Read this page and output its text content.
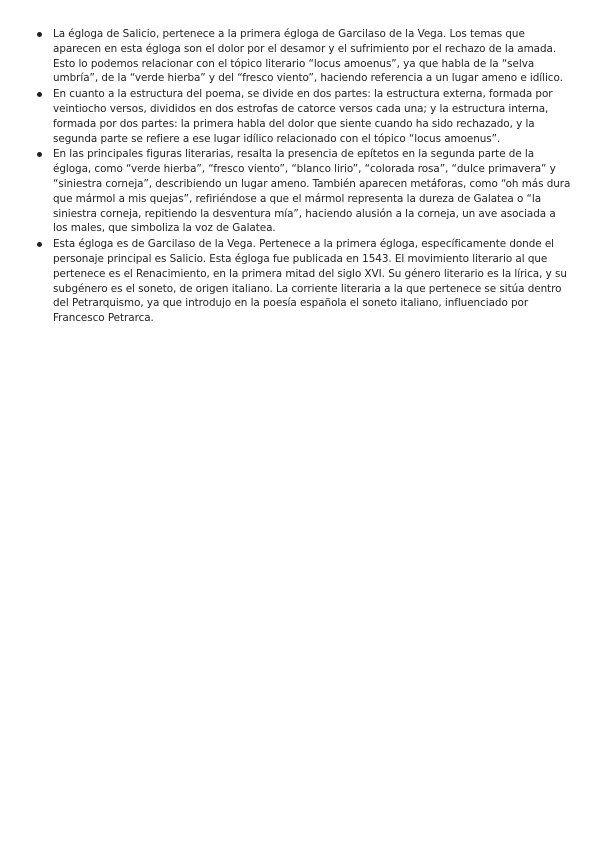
La égloga de Salicio, pertenece a la primera égloga de Garcilaso de la Vega. Los temas que aparecen en esta égloga son el dolor por el desamor y el sufrimiento por el rechazo de la amada. Esto lo podemos relacionar con el tópico literario “locus amoenus”, ya que habla de la “selva umbría”, de la “verde hierba” y del “fresco viento”, haciendo referencia a un lugar ameno e idílico.
En cuanto a la estructura del poema, se divide en dos partes: la estructura externa, formada por veintiocho versos, divididos en dos estrofas de catorce versos cada una; y la estructura interna, formada por dos partes: la primera habla del dolor que siente cuando ha sido rechazado, y la segunda parte se refiere a ese lugar idílico relacionado con el tópico “locus amoenus”.
En las principales figuras literarias, resalta la presencia de epítetos en la segunda parte de la égloga, como “verde hierba”, “fresco viento”, “blanco lirio”, “colorada rosa”, “dulce primavera” y “siniestra corneja”, describiendo un lugar ameno. También aparecen metáforas, como “oh más dura que mármol a mis quejas”, refiriéndose a que el mármol representa la dureza de Galatea o “la siniestra corneja, repitiendo la desventura mía”, haciendo alusión a la corneja, un ave asociada a los males, que simboliza la voz de Galatea.
Esta égloga es de Garcilaso de la Vega. Pertenece a la primera égloga, específicamente donde el personaje principal es Salicio. Esta égloga fue publicada en 1543. El movimiento literario al que pertenece es el Renacimiento, en la primera mitad del siglo XVI. Su género literario es la lírica, y su subgénero es el soneto, de origen italiano. La corriente literaria a la que pertenece se sitúa dentro del Petrarquismo, ya que introdujo en la poesía española el soneto italiano, influenciado por Francesco Petrarca.
